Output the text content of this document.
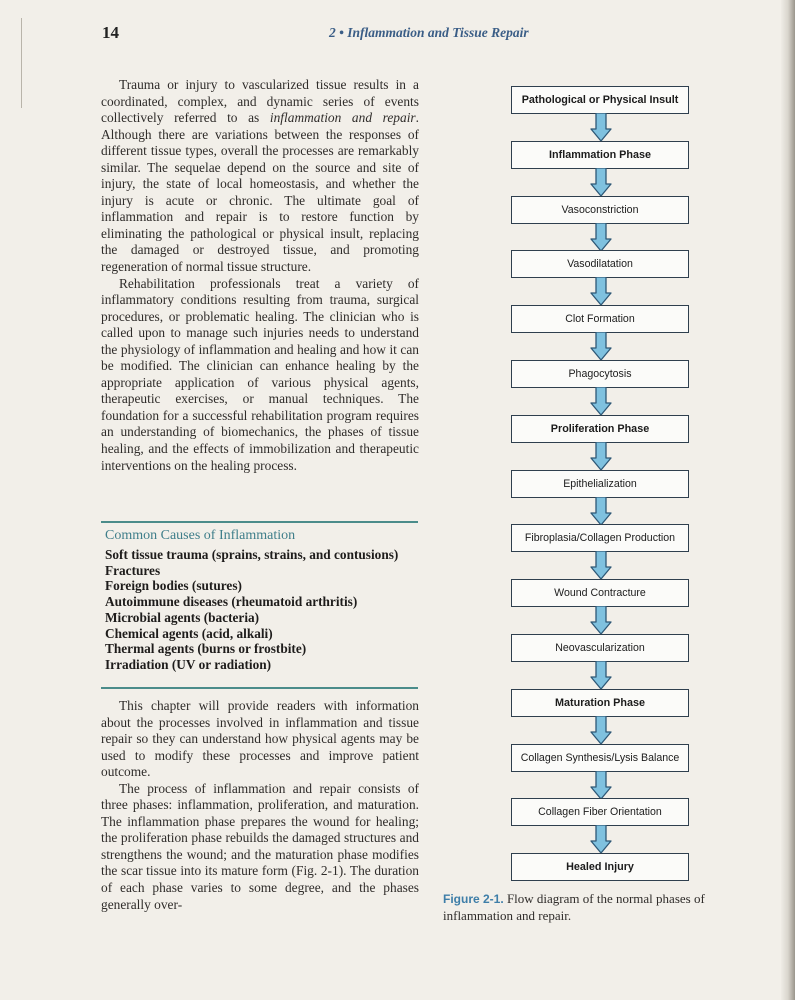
14	2 • Inflammation and Tissue Repair

Trauma or injury to vascularized tissue results in a coordinated, complex, and dynamic series of events collectively referred to as inflammation and repair. Although there are variations between the responses of different tissue types, overall the processes are remarkably similar. The sequelae depend on the source and site of injury, the state of local homeostasis, and whether the injury is acute or chronic. The ultimate goal of inflammation and repair is to restore function by eliminating the pathological or physical insult, replacing the damaged or destroyed tissue, and promoting regeneration of normal tissue structure.

Rehabilitation professionals treat a variety of inflammatory conditions resulting from trauma, surgical procedures, or problematic healing. The clinician who is called upon to manage such injuries needs to understand the physiology of inflammation and healing and how it can be modified. The clinician can enhance healing by the appropriate application of various physical agents, therapeutic exercises, or manual techniques. The foundation for a successful rehabilitation program requires an understanding of biomechanics, the phases of tissue healing, and the effects of immobilization and therapeutic interventions on the healing process.

Common Causes of Inflammation
Soft tissue trauma (sprains, strains, and contusions)
Fractures
Foreign bodies (sutures)
Autoimmune diseases (rheumatoid arthritis)
Microbial agents (bacteria)
Chemical agents (acid, alkali)
Thermal agents (burns or frostbite)
Irradiation (UV or radiation)

This chapter will provide readers with information about the processes involved in inflammation and tissue repair so they can understand how physical agents may be used to modify these processes and improve patient outcome.

The process of inflammation and repair consists of three phases: inflammation, proliferation, and maturation. The inflammation phase prepares the wound for healing; the proliferation phase rebuilds the damaged structures and strengthens the wound; and the maturation phase modifies the scar tissue into its mature form (Fig. 2-1). The duration of each phase varies to some degree, and the phases generally over-

Pathological or Physical Insult
Inflammation Phase
Vasoconstriction
Vasodilatation
Clot Formation
Phagocytosis
Proliferation Phase
Epithelialization
Fibroplasia/Collagen Production
Wound Contracture
Neovascularization
Maturation Phase
Collagen Synthesis/Lysis Balance
Collagen Fiber Orientation
Healed Injury
Figure 2-1. Flow diagram of the normal phases of inflammation and repair.
